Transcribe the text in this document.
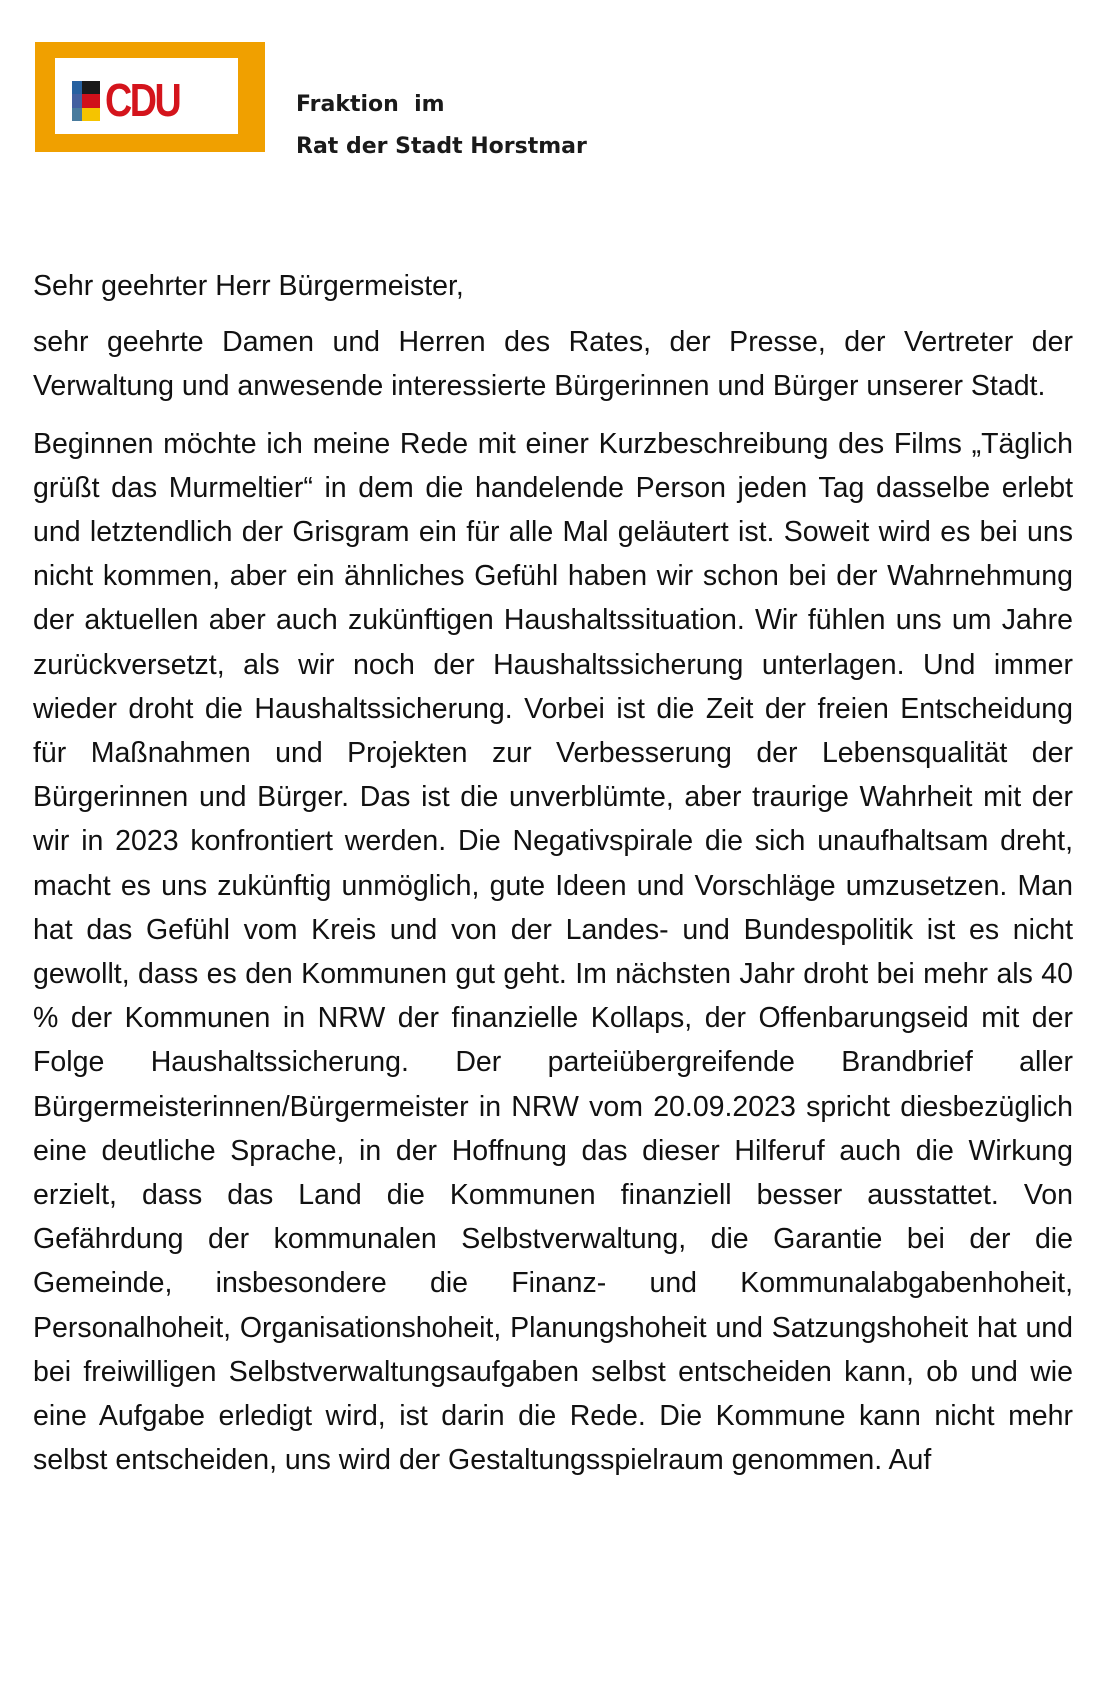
CDU	Fraktion  im
Rat der Stadt Horstmar

Sehr geehrter Herr Bürgermeister,

sehr geehrte Damen und Herren des Rates, der Presse, der Vertreter der Verwaltung und anwesende interessierte Bürgerinnen und Bürger unserer Stadt.

Beginnen möchte ich meine Rede mit einer Kurzbeschreibung des Films „Täglich grüßt das Murmeltier“ in dem die handelende Person jeden Tag dasselbe erlebt und letztendlich der Grisgram ein für alle Mal geläutert ist. Soweit wird es bei uns nicht kommen, aber ein ähnliches Gefühl haben wir schon bei der Wahrnehmung der aktuellen aber auch zukünftigen Haushaltssituation. Wir fühlen uns um Jahre zurückversetzt, als wir noch der Haushaltssicherung unterlagen. Und immer wieder droht die Haushaltssicherung. Vorbei ist die Zeit der freien Entscheidung für Maßnahmen und Projekten zur Verbesserung der Lebensqualität der Bürgerinnen und Bürger. Das ist die unverblümte, aber traurige Wahrheit mit der wir in 2023 konfrontiert werden. Die Negativspirale die sich unaufhaltsam dreht, macht es uns zukünftig unmöglich, gute Ideen und Vorschläge umzusetzen. Man hat das Gefühl vom Kreis und von der Landes- und Bundespolitik ist es nicht gewollt, dass es den Kommunen gut geht. Im nächsten Jahr droht bei mehr als 40 % der Kommunen in NRW der finanzielle Kollaps, der Offenbarungseid mit der Folge Haushaltssicherung. Der parteiübergreifende Brandbrief aller Bürgermeisterinnen/Bürgermeister in NRW vom 20.09.2023 spricht diesbezüglich eine deutliche Sprache, in der Hoffnung das dieser Hilferuf auch die Wirkung erzielt, dass das Land die Kommunen finanziell besser ausstattet. Von Gefährdung der kommunalen Selbstverwaltung, die Garantie bei der die Gemeinde, insbesondere die Finanz- und Kommunalabgabenhoheit, Personalhoheit, Organisationshoheit, Planungshoheit und Satzungshoheit hat und bei freiwilligen Selbstverwaltungsaufgaben selbst entscheiden kann, ob und wie eine Aufgabe erledigt wird, ist darin die Rede. Die Kommune kann nicht mehr selbst entscheiden, uns wird der Gestaltungsspielraum genommen. Auf
